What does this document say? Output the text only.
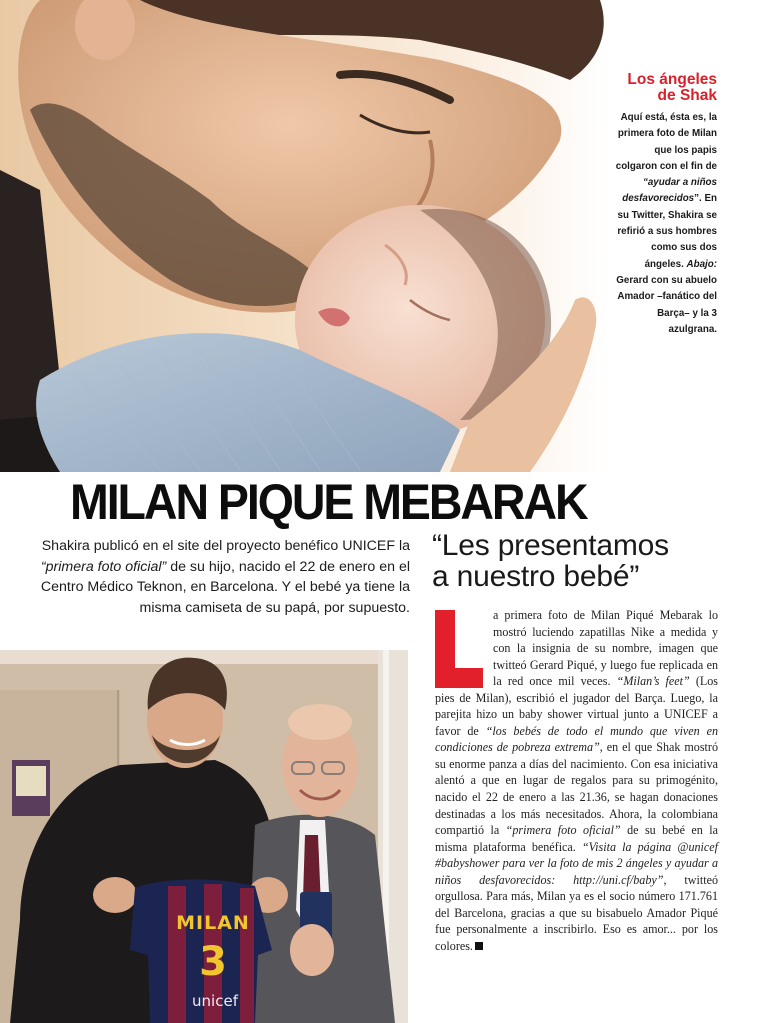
Los ángeles
de Shak
Aquí está, ésta es, la
primera foto de Milan
que los papis
colgaron con el fin de
“ayudar a niños
desfavorecidos”. En
su Twitter, Shakira se
refirió a sus hombres
como sus dos
ángeles. Abajo:
Gerard con su abuelo
Amador –fanático del
Barça– y la 3
azulgrana.
MILAN PIQUE MEBARAK

Shakira publicó en el site del proyecto benéfico UNICEF la “primera foto oficial” de su hijo, nacido el 22 de enero en el Centro Médico Teknon, en Barcelona. Y el bebé ya tiene la misma camiseta de su papá, por supuesto.

“Les presentamos
a nuestro bebé”
a primera foto de Milan Piqué Mebarak lo mostró luciendo zapatillas Nike a medida y con la insignia de su nombre, imagen que twitteó Gerard Piqué, y luego fue replicada en la red once mil veces. “Milan’s feet” (Los pies de Milan), escribió el jugador del Barça. Luego, la parejita hizo un baby shower virtual junto a UNICEF a favor de “los bebés de todo el mundo que viven en condiciones de pobreza extrema”, en el que Shak mostró su enorme panza a días del nacimiento. Con esa iniciativa alentó a que en lugar de regalos para su primogénito, nacido el 22 de enero a las 21.36, se hagan donaciones destinadas a los más necesitados. Ahora, la colombiana compartió la “primera foto oficial” de su bebé en la misma plataforma benéfica. “Visita la página @unicef #babyshower para ver la foto de mis 2 ángeles y ayudar a niños desfavorecidos: http://uni.cf/baby”, twitteó orgullosa. Para más, Milan ya es el socio número 171.761 del Barcelona, gracias a que su bisabuelo Amador Piqué fue personalmente a inscribirlo. Eso es amor... por los colores.
MILAN
3
unicef
